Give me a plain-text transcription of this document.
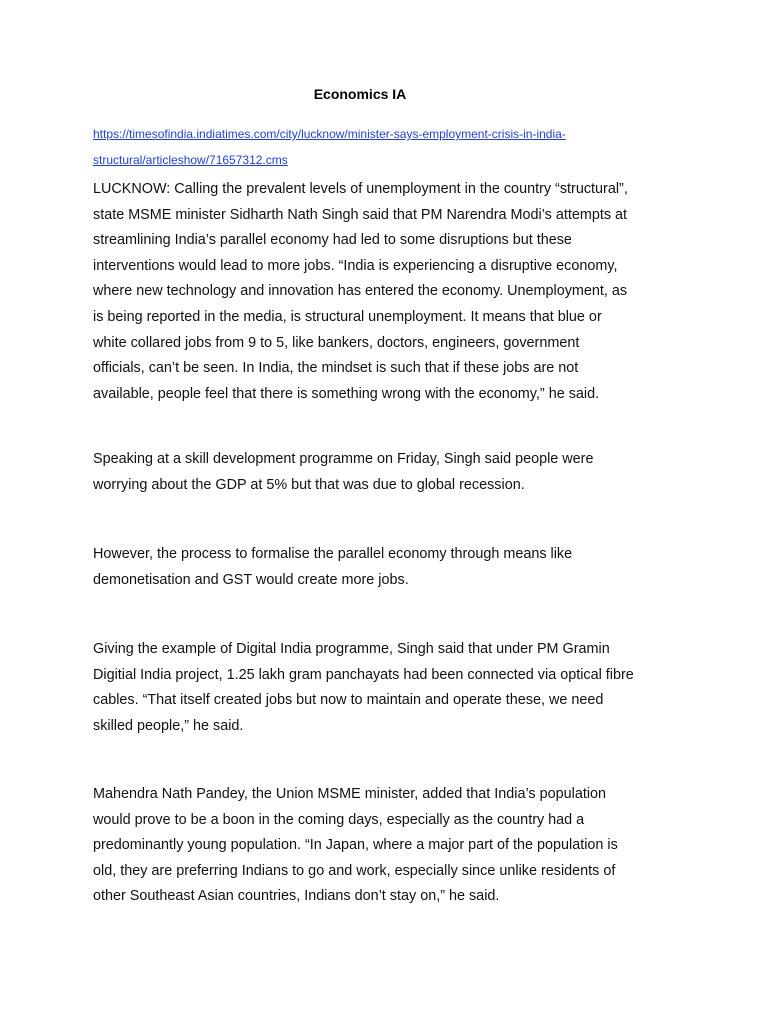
Economics IA
https://timesofindia.indiatimes.com/city/lucknow/minister-says-employment-crisis-in-india-
structural/articleshow/71657312.cms
LUCKNOW: Calling the prevalent levels of unemployment in the country “structural”,
state MSME minister Sidharth Nath Singh said that PM Narendra Modi’s attempts at
streamlining India’s parallel economy had led to some disruptions but these
interventions would lead to more jobs. “India is experiencing a disruptive economy,
where new technology and innovation has entered the economy. Unemployment, as
is being reported in the media, is structural unemployment. It means that blue or
white collared jobs from 9 to 5, like bankers, doctors, engineers, government
officials, can’t be seen. In India, the mindset is such that if these jobs are not
available, people feel that there is something wrong with the economy,” he said.
Speaking at a skill development programme on Friday, Singh said people were
worrying about the GDP at 5% but that was due to global recession.
However, the process to formalise the parallel economy through means like
demonetisation and GST would create more jobs.
Giving the example of Digital India programme, Singh said that under PM Gramin
Digitial India project, 1.25 lakh gram panchayats had been connected via optical fibre
cables. “That itself created jobs but now to maintain and operate these, we need
skilled people,” he said.
Mahendra Nath Pandey, the Union MSME minister, added that India’s population
would prove to be a boon in the coming days, especially as the country had a
predominantly young population. “In Japan, where a major part of the population is
old, they are preferring Indians to go and work, especially since unlike residents of
other Southeast Asian countries, Indians don’t stay on,” he said.
